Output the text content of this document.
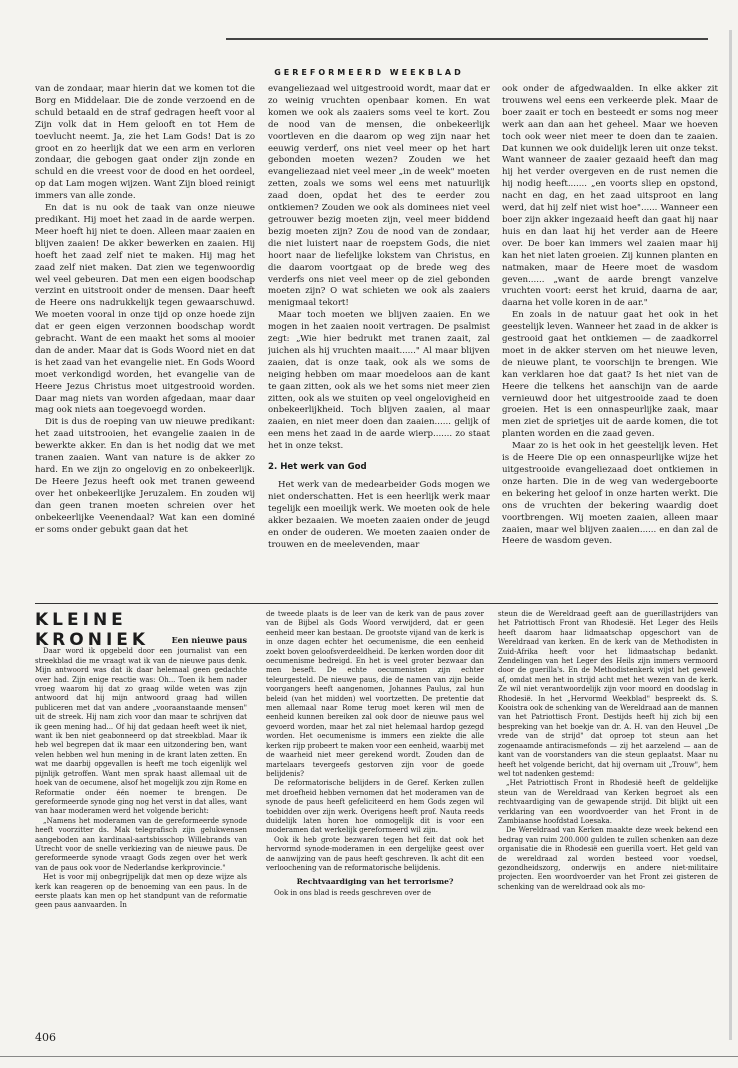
GEREFORMEERD WEEKBLAD

van de zondaar, maar hierin dat we komen tot die Borg en Middelaar. Die de zonde verzoend en de schuld betaald en de straf gedragen heeft voor al Zijn volk dat in Hem gelooft en tot Hem de toevlucht neemt. Ja, zie het Lam Gods! Dat is zo groot en zo heerlijk dat we een arm en verloren zondaar, die gebogen gaat onder zijn zonde en schuld en die vreest voor de dood en het oordeel, op dat Lam mogen wijzen. Want Zijn bloed reinigt immers van alle zonde.

En dat is nu ook de taak van onze nieuwe predikant. Hij moet het zaad in de aarde werpen. Meer hoeft hij niet te doen. Alleen maar zaaien en blijven zaaien! De akker bewerken en zaaien. Hij hoeft het zaad zelf niet te maken. Hij mag het zaad zelf niet maken. Dat zien we tegenwoordig wel veel gebeuren. Dat men een eigen boodschap verzint en uitstrooit onder de mensen. Daar heeft de Heere ons nadrukkelijk tegen gewaarschuwd. We moeten vooral in onze tijd op onze hoede zijn dat er geen eigen verzonnen boodschap wordt gebracht. Want de een maakt het soms al mooier dan de ander. Maar dat is Gods Woord niet en dat is het zaad van het evangelie niet. En Gods Woord moet verkondigd worden, het evangelie van de Heere Jezus Christus moet uitgestrooid worden. Daar mag niets van worden afgedaan, maar daar mag ook niets aan toegevoegd worden.

Dit is dus de roeping van uw nieuwe predikant: het zaad uitstrooien, het evangelie zaaien in de bewerkte akker. En dan is het nodig dat we met tranen zaaien. Want van nature is de akker zo hard. En we zijn zo ongelovig en zo onbekeerlijk. De Heere Jezus heeft ook met tranen geweend over het onbekeerlijke Jeruzalem. En zouden wij dan geen tranen moeten schreien over het onbekeerlijke Veenendaal? Wat kan een dominé er soms onder gebukt gaan dat het

evangeliezaad wel uitgestrooid wordt, maar dat er zo weinig vruchten openbaar komen. En wat komen we ook als zaaiers soms veel te kort. Zou de nood van de mensen, die onbekeerlijk voortleven en die daarom op weg zijn naar het eeuwig verderf, ons niet veel meer op het hart gebonden moeten wezen? Zouden we het evangeliezaad niet veel meer „in de week" moeten zetten, zoals we soms wel eens met natuurlijk zaad doen, opdat het des te eerder zou ontkiemen? Zouden we ook als dominees niet veel getrouwer bezig moeten zijn, veel meer biddend bezig moeten zijn? Zou de nood van de zondaar, die niet luistert naar de roepstem Gods, die niet hoort naar de liefelijke lokstem van Christus, en die daarom voortgaat op de brede weg des verderfs ons niet veel meer op de ziel gebonden moeten zijn? O wat schieten we ook als zaaiers menigmaal tekort!

Maar toch moeten we blijven zaaien. En we mogen in het zaaien nooit vertragen. De psalmist zegt: „Wie hier bedrukt met tranen zaait, zal juichen als hij vruchten maait......" Al maar blijven zaaien, dat is onze taak, ook als we soms de neiging hebben om maar moedeloos aan de kant te gaan zitten, ook als we het soms niet meer zien zitten, ook als we stuiten op veel ongelovigheid en onbekeerlijkheid. Toch blijven zaaien, al maar zaaien, en niet meer doen dan zaaien...... gelijk of een mens het zaad in de aarde wierp....... zo staat het in onze tekst.

2. Het werk van God

Het werk van de medearbeider Gods mogen we niet onderschatten. Het is een heerlijk werk maar tegelijk een moeilijk werk. We moeten ook de hele akker bezaaien. We moeten zaaien onder de jeugd en onder de ouderen. We moeten zaaien onder de trouwen en de meelevenden, maar

ook onder de afgedwaalden. In elke akker zit trouwens wel eens een verkeerde plek. Maar de boer zaait er toch en besteedt er soms nog meer werk aan dan aan het geheel. Maar we hoeven toch ook weer niet meer te doen dan te zaaien. Dat kunnen we ook duidelijk leren uit onze tekst. Want wanneer de zaaier gezaaid heeft dan mag hij het verder overgeven en de rust nemen die hij nodig heeft....... „en voorts sliep en opstond, nacht en dag, en het zaad uitsproot en lang werd, dat hij zelf niet wist hoe"...... Wanneer een boer zijn akker ingezaaid heeft dan gaat hij naar huis en dan laat hij het verder aan de Heere over. De boer kan immers wel zaaien maar hij kan het niet laten groeien. Zij kunnen planten en natmaken, maar de Heere moet de wasdom geven...... „want de aarde brengt vanzelve vruchten voort: eerst het kruid, daarna de aar, daarna het volle koren in de aar."

En zoals in de natuur gaat het ook in het geestelijk leven. Wanneer het zaad in de akker is gestrooid gaat het ontkiemen — de zaadkorrel moet in de akker sterven om het nieuwe leven, de nieuwe plant, te voorschijn te brengen. Wie kan verklaren hoe dat gaat? Is het niet van de Heere die telkens het aanschijn van de aarde vernieuwd door het uitgestrooide zaad te doen groeien. Het is een onnaspeurlijke zaak, maar men ziet de sprietjes uit de aarde komen, die tot planten worden en die zaad geven.

Maar zo is het ook in het geestelijk leven. Het is de Heere Die op een onnaspeurlijke wijze het uitgestrooide evangeliezaad doet ontkiemen in onze harten. Die in de weg van wedergeboorte en bekering het geloof in onze harten werkt. Die ons de vruchten der bekering waardig doet voortbrengen. Wij moeten zaaien, alleen maar zaaien, maar wel blijven zaaien...... en dan zal de Heere de wasdom geven.

KLEINE KRONIEK	Een nieuwe paus

Daar word ik opgebeld door een journalist van een streekblad die me vraagt wat ik van de nieuwe paus denk. Mijn antwoord was dat ik daar helemaal geen gedachte over had. Zijn enige reactie was: Oh... Toen ik hem nader vroeg waarom hij dat zo graag wilde weten was zijn antwoord dat hij mijn antwoord graag had willen publiceren met dat van andere „vooraanstaande mensen" uit de streek. Hij nam zich voor dan maar te schrijven dat ik geen mening had... Of hij dat gedaan heeft weet ik niet, want ik ben niet geabonneerd op dat streekblad. Maar ik heb wel begrepen dat ik maar een uitzondering ben, want velen hebben wel hun mening in de krant laten zetten. En wat me daarbij opgevallen is heeft me toch eigenlijk wel pijnlijk getroffen. Want men sprak haast allemaal uit de hoek van de oecumene, alsof het mogelijk zou zijn Rome en Reformatie onder één noemer te brengen. De gereformeerde synode ging nog het verst in dat alles, want van haar moderamen werd het volgende bericht:

„Namens het moderamen van de gereformeerde synode heeft voorzitter ds. Mak telegrafisch zijn gelukwensen aangeboden aan kardinaal-aartsbisschop Willebrands van Utrecht voor de snelle verkiezing van de nieuwe paus. De gereformeerde synode vraagt Gods zegen over het werk van de paus ook voor de Nederlandse kerkprovincie."

Het is voor mij onbegrijpelijk dat men op deze wijze als kerk kan reageren op de benoeming van een paus. In de eerste plaats kan men op het standpunt van de reformatie geen paus aanvaarden. In

de tweede plaats is de leer van de kerk van de paus zover van de Bijbel als Gods Woord verwijderd, dat er geen eenheid meer kan bestaan. De grootste vijand van de kerk is in onze dagen echter het oecumenisme, die een eenheid zoekt boven geloofsverdeeldheid. De kerken worden door dit oecumenisme bedreigd. En het is veel groter bezwaar dan men beseft. De echte oecumenisten zijn echter teleurgesteld. De nieuwe paus, die de namen van zijn beide voorgangers heeft aangenomen, Johannes Paulus, zal hun beleid (van het midden) wel voortzetten. De pretentie dat men allemaal naar Rome terug moet keren wil men de eenheid kunnen bereiken zal ook door de nieuwe paus wel gevoerd worden, maar het zal niet helemaal hardop gezegd worden. Het oecumenisme is immers een ziekte die alle kerken rijp probeert te maken voor een eenheid, waarbij met de waarheid niet meer gerekend wordt. Zouden dan de martelaars tevergeefs gestorven zijn voor de goede belijdenis?

De reformatorische belijders in de Geref. Kerken zullen met droefheid hebben vernomen dat het moderamen van de synode de paus heeft gefeliciteerd en hem Gods zegen wil toebidden over zijn werk. Overigens heeft prof. Nauta reeds duidelijk laten horen hoe onmogelijk dit is voor een moderamen dat werkelijk gereformeerd wil zijn.

Ook ik heb grote bezwaren tegen het feit dat ook het hervormd synode-moderamen in een dergelijke geest over de aanwijzing van de paus heeft geschreven. Ik acht dit een verloochening van de reformatorische belijdenis.

Rechtvaardiging van het terrorisme?

Ook in ons blad is reeds geschreven over de

steun die de Wereldraad geeft aan de guerillastrijders van het Patriottisch Front van Rhodesië. Het Leger des Heils heeft daarom haar lidmaatschap opgeschort van de Wereldraad van kerken. En de kerk van de Methodisten in Zuid-Afrika heeft voor het lidmaatschap bedankt. Zendelingen van het Leger des Heils zijn immers vermoord door de guerilla's. En de Methodistenkerk wijst het geweld af, omdat men het in strijd acht met het wezen van de kerk. Ze wil niet verantwoordelijk zijn voor moord en doodslag in Rhodesië. In het „Hervormd Weekblad" bespreekt ds. S. Kooistra ook de schenking van de Wereldraad aan de mannen van het Patriottisch Front. Destijds heeft hij zich bij een bespreking van het boekje van dr. A. H. van den Heuvel „De vrede van de strijd" dat oproep tot steun aan het zogenaamde antiracismefonds — zij het aarzelend — aan de kant van de voorstanders van die steun geplaatst. Maar nu heeft het volgende bericht, dat hij overnam uit „Trouw", hem wel tot nadenken gestemd:

„Het Patriottisch Front in Rhodesië heeft de geldelijke steun van de Wereldraad van Kerken begroet als een rechtvaardiging van de gewapende strijd. Dit blijkt uit een verklaring van een woordvoerder van het Front in de Zambiaanse hoofdstad Loesaka.

De Wereldraad van Kerken maakte deze week bekend een bedrag van ruim 200.000 gulden te zullen schenken aan deze organisatie die in Rhodesië een guerilla voert. Het geld van de wereldraad zal worden besteed voor voedsel, gezondheidszorg, onderwijs en andere niet-militaire projecten. Een woordvoerder van het Front zei gisteren de schenking van de wereldraad ook als mo-

406
